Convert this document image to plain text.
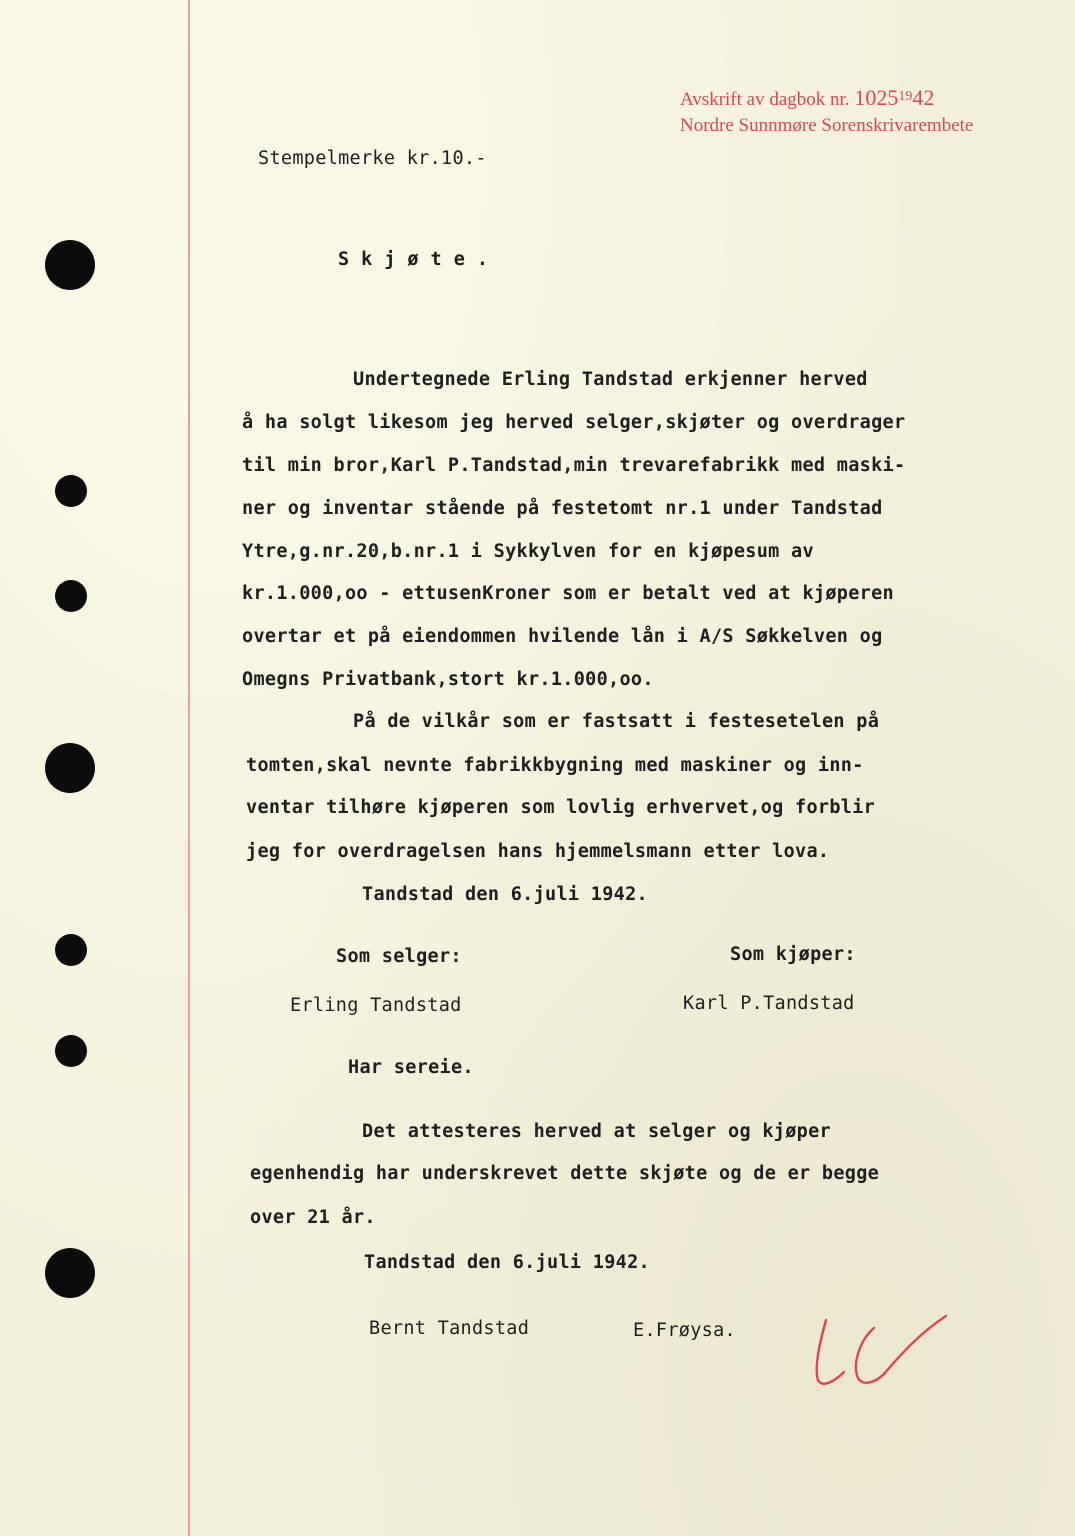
Avskrift av dagbok nr. 1025$^{19}$42
Nordre Sunnmøre Sorenskrivarembete
Stempelmerke kr.10.-
Skjøte.
Undertegnede Erling Tandstad erkjenner herved
å ha solgt likesom jeg herved selger,skjøter og overdrager
til min bror,Karl P.Tandstad,min trevarefabrikk med maski-
ner og inventar stående på festetomt nr.1 under Tandstad
Ytre,g.nr.20,b.nr.1 i Sykkylven for en kjøpesum av
kr.1.000,oo - ettusenKroner som er betalt ved at kjøperen
overtar et på eiendommen hvilende lån i A/S Søkkelven og
Omegns Privatbank,stort kr.1.000,oo.
På de vilkår som er fastsatt i festesetelen på
tomten,skal nevnte fabrikkbygning med maskiner og inn-
ventar tilhøre kjøperen som lovlig erhvervet,og forblir
jeg for overdragelsen hans hjemmelsmann etter lova.
Tandstad den 6.juli 1942.
Som selger:	Som kjøper:
Erling Tandstad	Karl P.Tandstad
Har sereie.
Det attesteres herved at selger og kjøper
egenhendig har underskrevet dette skjøte og de er begge
over 21 år.
Tandstad den 6.juli 1942.
Bernt Tandstad	E.Frøysa.
